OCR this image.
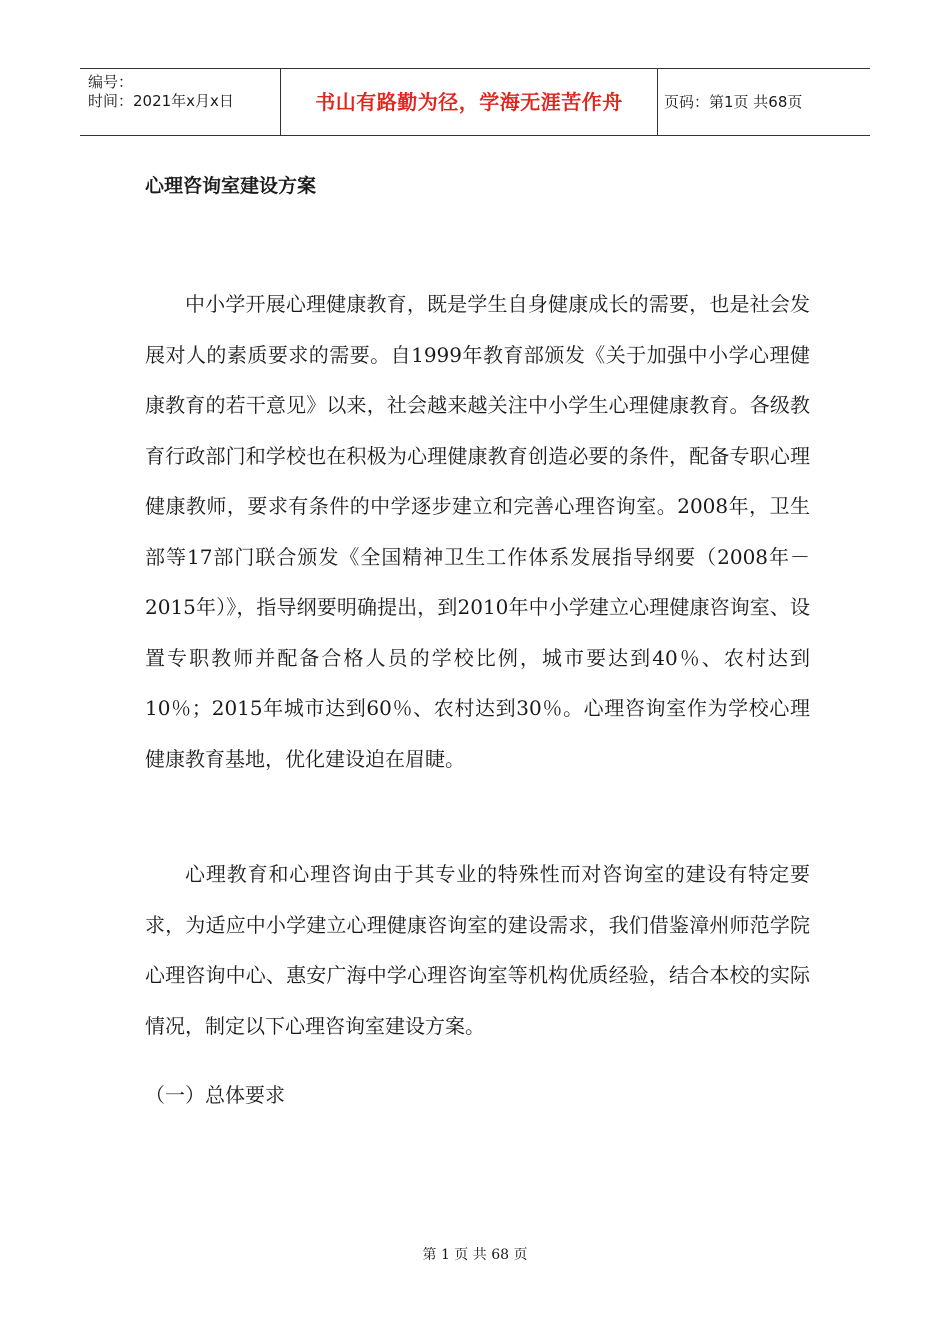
编号：
时间：2021年x月x日	书山有路勤为径，学海无涯苦作舟	页码：第1页 共68页
心理咨询室建设方案

中小学开展心理健康教育，既是学生自身健康成长的需要，也是社会发展对人的素质要求的需要。自1999年教育部颁发《关于加强中小学心理健康教育的若干意见》以来，社会越来越关注中小学生心理健康教育。各级教育行政部门和学校也在积极为心理健康教育创造必要的条件，配备专职心理健康教师，要求有条件的中学逐步建立和完善心理咨询室。2008年，卫生部等17部门联合颁发《全国精神卫生工作体系发展指导纲要（2008年－2015年）》，指导纲要明确提出，到2010年中小学建立心理健康咨询室、设置专职教师并配备合格人员的学校比例，城市要达到40％、农村达到10％；2015年城市达到60％、农村达到30％。心理咨询室作为学校心理健康教育基地，优化建设迫在眉睫。

心理教育和心理咨询由于其专业的特殊性而对咨询室的建设有特定要求，为适应中小学建立心理健康咨询室的建设需求，我们借鉴漳州师范学院心理咨询中心、惠安广海中学心理咨询室等机构优质经验，结合本校的实际情况，制定以下心理咨询室建设方案。

（一）总体要求

第 1 页 共 68 页
